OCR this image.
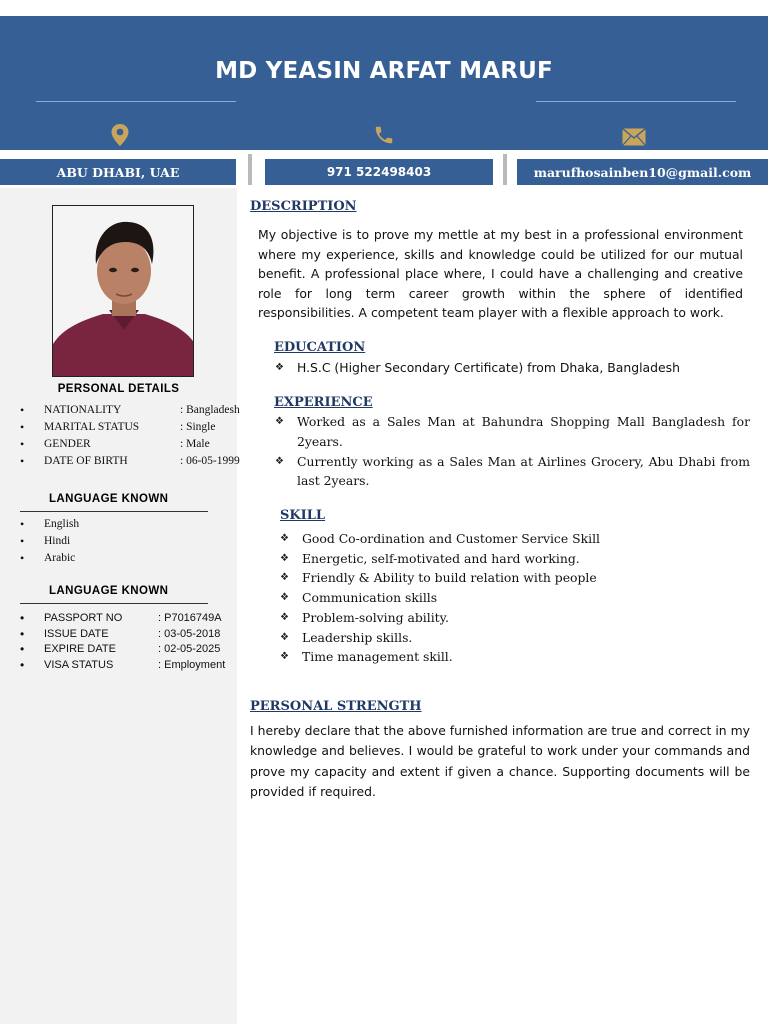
MD YEASIN ARFAT MARUF
ABU DHABI, UAE	971 522498403	marufhosainben10@gmail.com
PERSONAL DETAILS
• NATIONALITY	: Bangladesh
• MARITAL STATUS	: Single
• GENDER	: Male
• DATE OF BIRTH	: 06-05-1999
LANGUAGE KNOWN
• English
• Hindi
• Arabic
LANGUAGE KNOWN
• PASSPORT NO	: P7016749A
• ISSUE DATE	: 03-05-2018
• EXPIRE DATE	: 02-05-2025
• VISA STATUS	: Employment
DESCRIPTION

My objective is to prove my mettle at my best in a professional environment where my experience, skills and knowledge could be utilized for our mutual benefit. A professional place where, I could have a challenging and creative role for long term career growth within the sphere of identified responsibilities. A competent team player with a flexible approach to work.

EDUCATION
❖ H.S.C (Higher Secondary Certificate) from Dhaka, Bangladesh
EXPERIENCE
❖ Worked as a Sales Man at Bahundra Shopping Mall Bangladesh for 2years.
❖ Currently working as a Sales Man at Airlines Grocery, Abu Dhabi from last 2years.
SKILL
❖ Good Co-ordination and Customer Service Skill
❖ Energetic, self-motivated and hard working.
❖ Friendly & Ability to build relation with people
❖ Communication skills
❖ Problem-solving ability.
❖ Leadership skills.
❖ Time management skill.
PERSONAL STRENGTH

I hereby declare that the above furnished information are true and correct in my knowledge and believes. I would be grateful to work under your commands and prove my capacity and extent if given a chance. Supporting documents will be provided if required.
